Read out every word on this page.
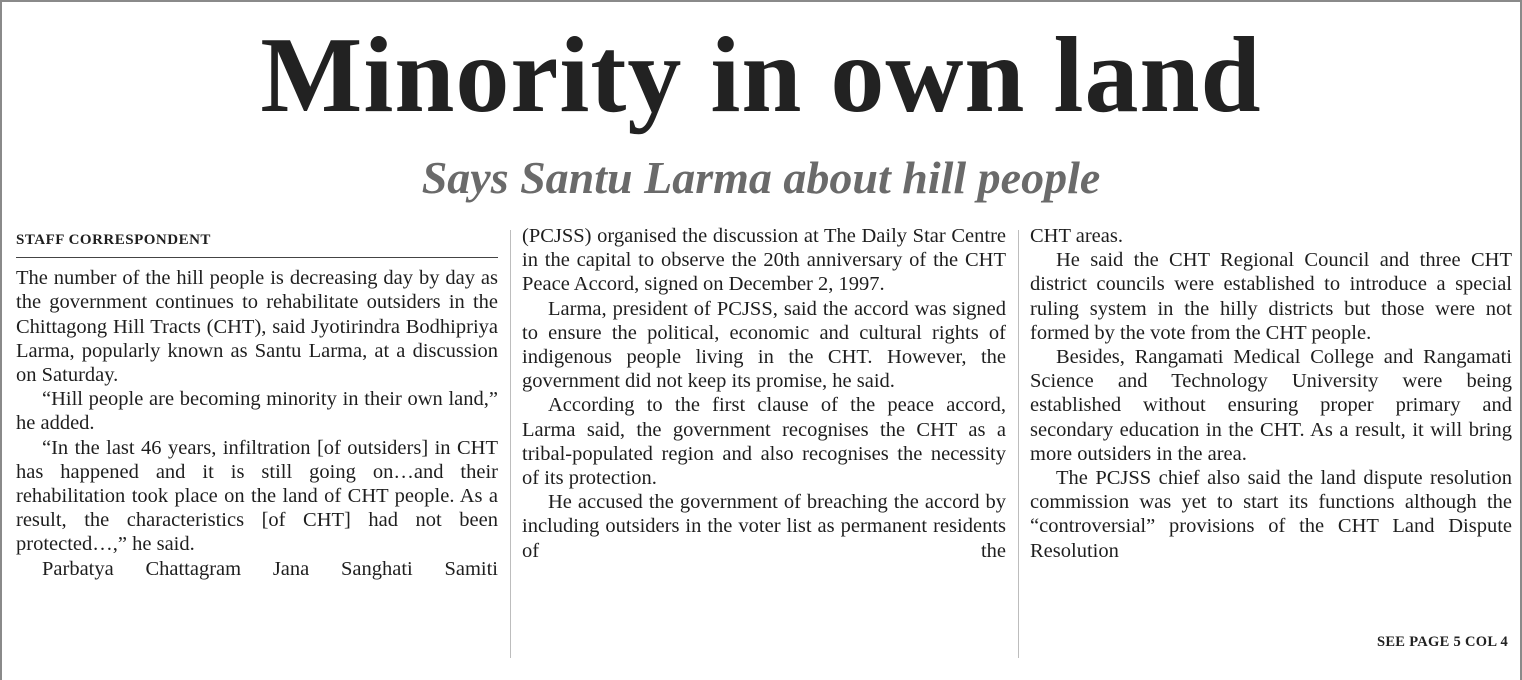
Minority in own land
Says Santu Larma about hill people

STAFF CORRESPONDENT

The number of the hill people is decreasing day by day as the government continues to rehabilitate outsiders in the Chittagong Hill Tracts (CHT), said Jyotirindra Bodhipriya Larma, popularly known as Santu Larma, at a discussion on Saturday.

“Hill people are becoming minority in their own land,” he added.

“In the last 46 years, infiltration [of outsiders] in CHT has happened and it is still going on…and their rehabilitation took place on the land of CHT people. As a result, the characteristics [of CHT] had not been protected…,” he said.

Parbatya Chattagram Jana Sanghati Samiti

(PCJSS) organised the discussion at The Daily Star Centre in the capital to observe the 20th anniversary of the CHT Peace Accord, signed on December 2, 1997.

Larma, president of PCJSS, said the accord was signed to ensure the political, economic and cultural rights of indigenous people living in the CHT. However, the government did not keep its promise, he said.

According to the first clause of the peace accord, Larma said, the government recognises the CHT as a tribal-populated region and also recognises the necessity of its protection.

He accused the government of breaching the accord by including outsiders in the voter list as permanent residents of the

CHT areas.

He said the CHT Regional Council and three CHT district councils were established to introduce a special ruling system in the hilly districts but those were not formed by the vote from the CHT people.

Besides, Rangamati Medical College and Rangamati Science and Technology University were being established without ensuring proper primary and secondary education in the CHT. As a result, it will bring more outsiders in the area.

The PCJSS chief also said the land dispute resolution commission was yet to start its functions although the “controversial” provisions of the CHT Land Dispute Resolution

SEE PAGE 5 COL 4
